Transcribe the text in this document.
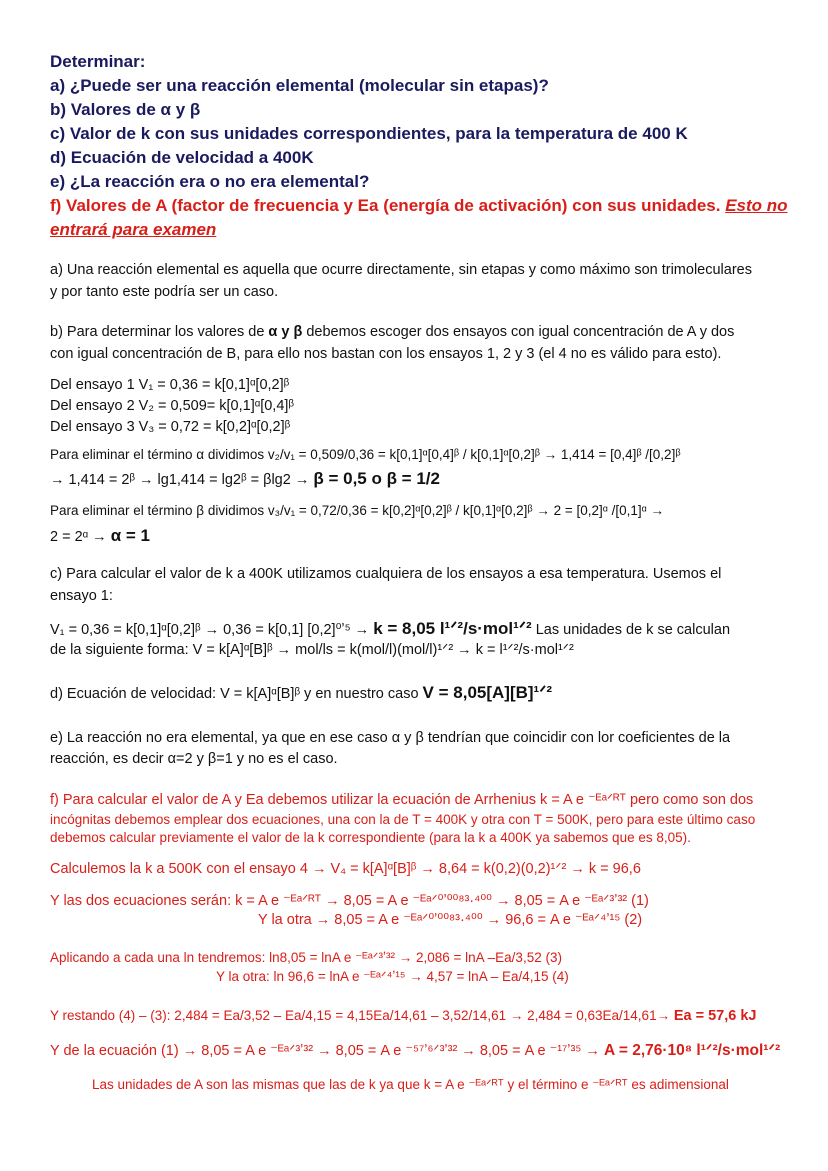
Determinar:
a) ¿Puede ser una reacción elemental (molecular sin etapas)?
b) Valores de α y β
c) Valor de k con sus unidades correspondientes, para la temperatura de 400 K
d) Ecuación de velocidad a 400K
e) ¿La reacción era o no era elemental?
f) Valores de A (factor de frecuencia y Ea (energía de activación) con sus unidades. Esto no
entrará para examen
a) Una reacción elemental es aquella que ocurre directamente, sin etapas y como máximo son trimoleculares
y por tanto este podría ser un caso.
b) Para determinar los valores de α y β debemos escoger dos ensayos con igual concentración de A y dos
con igual concentración de B, para ello nos bastan con los ensayos 1, 2 y 3 (el 4 no es válido para esto).
Del ensayo 1 V₁ = 0,36 = k[0,1]ᵅ[0,2]ᵝ
Del ensayo 2 V₂ = 0,509= k[0,1]ᵅ[0,4]ᵝ
Del ensayo 3 V₃ = 0,72 = k[0,2]ᵅ[0,2]ᵝ
Para eliminar el término α dividimos v₂/v₁ = 0,509/0,36 = k[0,1]ᵅ[0,4]ᵝ / k[0,1]ᵅ[0,2]ᵝ → 1,414 = [0,4]ᵝ /[0,2]ᵝ
→ 1,414 = 2ᵝ → lg1,414 = lg2ᵝ = βlg2 → β = 0,5 o β = 1/2
Para eliminar el término β dividimos v₃/v₁ = 0,72/0,36 = k[0,2]ᵅ[0,2]ᵝ / k[0,1]ᵅ[0,2]ᵝ → 2 = [0,2]ᵅ /[0,1]ᵅ →
2 = 2ᵅ → α = 1
c) Para calcular el valor de k a 400K utilizamos cualquiera de los ensayos a esa temperatura. Usemos el
ensayo 1:
V₁ = 0,36 = k[0,1]ᵅ[0,2]ᵝ → 0,36 = k[0,1] [0,2]⁰ʼ⁵ → k = 8,05 l¹ᐟ²/s·mol¹ᐟ² Las unidades de k se calculan
de la siguiente forma: V = k[A]ᵅ[B]ᵝ → mol/ls = k(mol/l)(mol/l)¹ᐟ² → k = l¹ᐟ²/s·mol¹ᐟ²
d) Ecuación de velocidad: V = k[A]ᵅ[B]ᵝ y en nuestro caso V = 8,05[A][B]¹ᐟ²
e) La reacción no era elemental, ya que en ese caso α y β tendrían que coincidir con lor coeficientes de la
reacción, es decir α=2 y β=1 y no es el caso.
f) Para calcular el valor de A y Ea debemos utilizar la ecuación de Arrhenius k = A e ⁻ᴱᵃᐟᴿᵀ pero como son dos
incógnitas debemos emplear dos ecuaciones, una con la de T = 400K y otra con T = 500K, pero para este último caso
debemos calcular previamente el valor de la k correspondiente (para la k a 400K ya sabemos que es 8,05).
Calculemos la k a 500K con el ensayo 4 → V₄ = k[A]ᵅ[B]ᵝ → 8,64 = k(0,2)(0,2)¹ᐟ² → k = 96,6
Y las dos ecuaciones serán: k = A e ⁻ᴱᵃᐟᴿᵀ → 8,05 = A e ⁻ᴱᵃᐟ⁰ʼ⁰⁰⁸³·⁴⁰⁰ → 8,05 = A e ⁻ᴱᵃᐟ³ʼ³² (1)
Y la otra → 8,05 = A e ⁻ᴱᵃᐟ⁰ʼ⁰⁰⁸³·⁴⁰⁰ → 96,6 = A e ⁻ᴱᵃᐟ⁴ʼ¹⁵ (2)
Aplicando a cada una ln tendremos: ln8,05 = lnA e ⁻ᴱᵃᐟ³ʼ³² → 2,086 = lnA –Ea/3,52 (3)
Y la otra: ln 96,6 = lnA e ⁻ᴱᵃᐟ⁴ʼ¹⁵ → 4,57 = lnA – Ea/4,15 (4)
Y restando (4) – (3): 2,484 = Ea/3,52 – Ea/4,15 = 4,15Ea/14,61 – 3,52/14,61 → 2,484 = 0,63Ea/14,61→ Ea = 57,6 kJ
Y de la ecuación (1) → 8,05 = A e ⁻ᴱᵃᐟ³ʼ³² → 8,05 = A e ⁻⁵⁷ʼ⁶ᐟ³ʼ³² → 8,05 = A e ⁻¹⁷ʼ³⁵ → A = 2,76·10⁸ l¹ᐟ²/s·mol¹ᐟ²
Las unidades de A son las mismas que las de k ya que k = A e ⁻ᴱᵃᐟᴿᵀ y el término e ⁻ᴱᵃᐟᴿᵀ es adimensional
